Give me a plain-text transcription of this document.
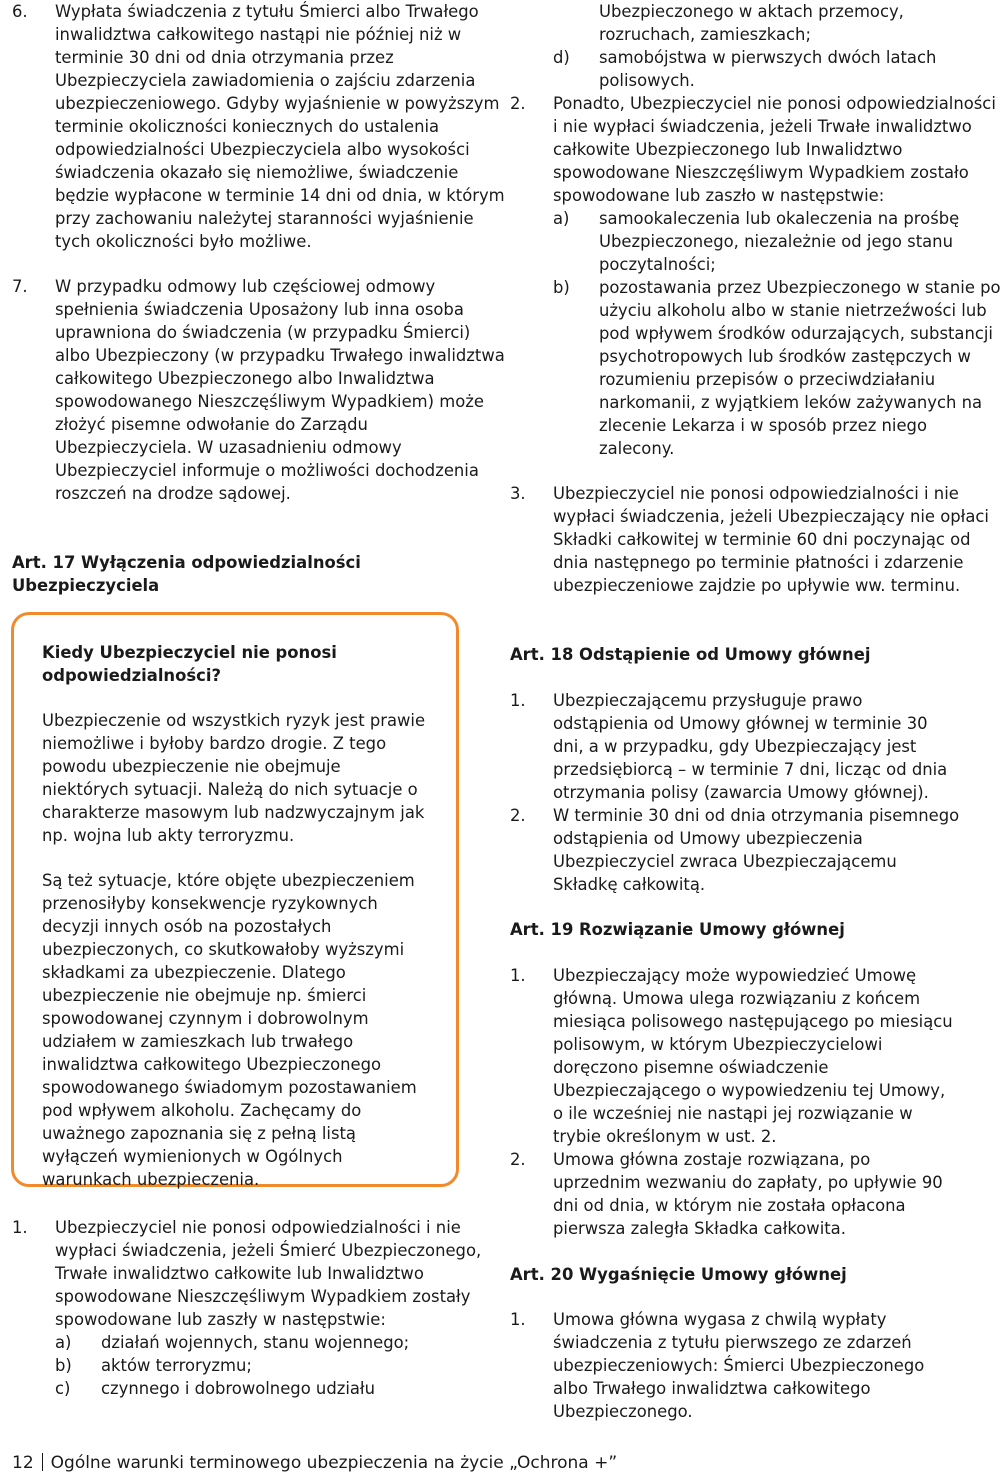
6. Wypłata świadczenia z tytułu Śmierci albo Trwałego inwalidztwa całkowitego nastąpi nie później niż w terminie 30 dni od dnia otrzymania przez Ubezpieczyciela zawiadomienia o zajściu zdarzenia ubezpieczeniowego. Gdyby wyjaśnienie w powyższym terminie okoliczności koniecznych do ustalenia odpowiedzialności Ubezpieczyciela albo wysokości świadczenia okazało się niemożliwe, świadczenie będzie wypłacone w terminie 14 dni od dnia, w którym przy zachowaniu należytej staranności wyjaśnienie tych okoliczności było możliwe.
7. W przypadku odmowy lub częściowej odmowy spełnienia świadczenia Uposażony lub inna osoba uprawniona do świadczenia (w przypadku Śmierci) albo Ubezpieczony (w przypadku Trwałego inwalidztwa całkowitego Ubezpieczonego albo Inwalidztwa spowodowanego Nieszczęśliwym Wypadkiem) może złożyć pisemne odwołanie do Zarządu Ubezpieczyciela. W uzasadnieniu odmowy Ubezpieczyciel informuje o możliwości dochodzenia roszczeń na drodze sądowej.
Art. 17 Wyłączenia odpowiedzialności Ubezpieczyciela
1. Ubezpieczyciel nie ponosi odpowiedzialności i nie wypłaci świadczenia, jeżeli Śmierć Ubezpieczonego, Trwałe inwalidztwo całkowite lub Inwalidztwo spowodowane Nieszczęśliwym Wypadkiem zostały spowodowane lub zaszły w następstwie:
a) działań wojennych, stanu wojennego;
b) aktów terroryzmu;
c) czynnego i dobrowolnego udziału

Kiedy Ubezpieczyciel nie ponosi odpowiedzialności?

Ubezpieczenie od wszystkich ryzyk jest prawie niemożliwe i byłoby bardzo drogie. Z tego powodu ubezpieczenie nie obejmuje niektórych sytuacji. Należą do nich sytuacje o charakterze masowym lub nadzwyczajnym jak np. wojna lub akty terroryzmu.

Są też sytuacje, które objęte ubezpieczeniem przenosiłyby konsekwencje ryzykownych decyzji innych osób na pozostałych ubezpieczonych, co skutkowałoby wyższymi składkami za ubezpieczenie. Dlatego ubezpieczenie nie obejmuje np. śmierci spowodowanej czynnym i dobrowolnym udziałem w zamieszkach lub trwałego inwalidztwa całkowitego Ubezpieczonego spowodowanego świadomym pozostawaniem pod wpływem alkoholu. Zachęcamy do uważnego zapoznania się z pełną listą wyłączeń wymienionych w Ogólnych warunkach ubezpieczenia.

Ubezpieczonego w aktach przemocy, rozruchach, zamieszkach;
d) samobójstwa w pierwszych dwóch latach polisowych.
2. Ponadto, Ubezpieczyciel nie ponosi odpowiedzialności i nie wypłaci świadczenia, jeżeli Trwałe inwalidztwo całkowite Ubezpieczonego lub Inwalidztwo spowodowane Nieszczęśliwym Wypadkiem zostało spowodowane lub zaszło w następstwie:
a) samookaleczenia lub okaleczenia na prośbę Ubezpieczonego, niezależnie od jego stanu poczytalności;
b) pozostawania przez Ubezpieczonego w stanie po użyciu alkoholu albo w stanie nietrzeźwości lub pod wpływem środków odurzających, substancji psychotropowych lub środków zastępczych w rozumieniu przepisów o przeciwdziałaniu narkomanii, z wyjątkiem leków zażywanych na zlecenie Lekarza i w sposób przez niego zalecony.
3. Ubezpieczyciel nie ponosi odpowiedzialności i nie wypłaci świadczenia, jeżeli Ubezpieczający nie opłaci Składki całkowitej w terminie 60 dni poczynając od dnia następnego po terminie płatności i zdarzenie ubezpieczeniowe zajdzie po upływie ww. terminu.
Art. 18 Odstąpienie od Umowy głównej
1. Ubezpieczającemu przysługuje prawo odstąpienia od Umowy głównej w terminie 30 dni, a w przypadku, gdy Ubezpieczający jest przedsiębiorcą – w terminie 7 dni, licząc od dnia otrzymania polisy (zawarcia Umowy głównej).
2. W terminie 30 dni od dnia otrzymania pisemnego odstąpienia od Umowy ubezpieczenia Ubezpieczyciel zwraca Ubezpieczającemu Składkę całkowitą.
Art. 19 Rozwiązanie Umowy głównej
1. Ubezpieczający może wypowiedzieć Umowę główną. Umowa ulega rozwiązaniu z końcem miesiąca polisowego następującego po miesiącu polisowym, w którym Ubezpieczycielowi doręczono pisemne oświadczenie Ubezpieczającego o wypowiedzeniu tej Umowy, o ile wcześniej nie nastąpi jej rozwiązanie w trybie określonym w ust. 2.
2. Umowa główna zostaje rozwiązana, po uprzednim wezwaniu do zapłaty, po upływie 90 dni od dnia, w którym nie została opłacona pierwsza zaległa Składka całkowita.
Art. 20 Wygaśnięcie Umowy głównej
1. Umowa główna wygasa z chwilą wypłaty świadczenia z tytułu pierwszego ze zdarzeń ubezpieczeniowych: Śmierci Ubezpieczonego albo Trwałego inwalidztwa całkowitego Ubezpieczonego.
12 Ogólne warunki terminowego ubezpieczenia na życie „Ochrona +”
